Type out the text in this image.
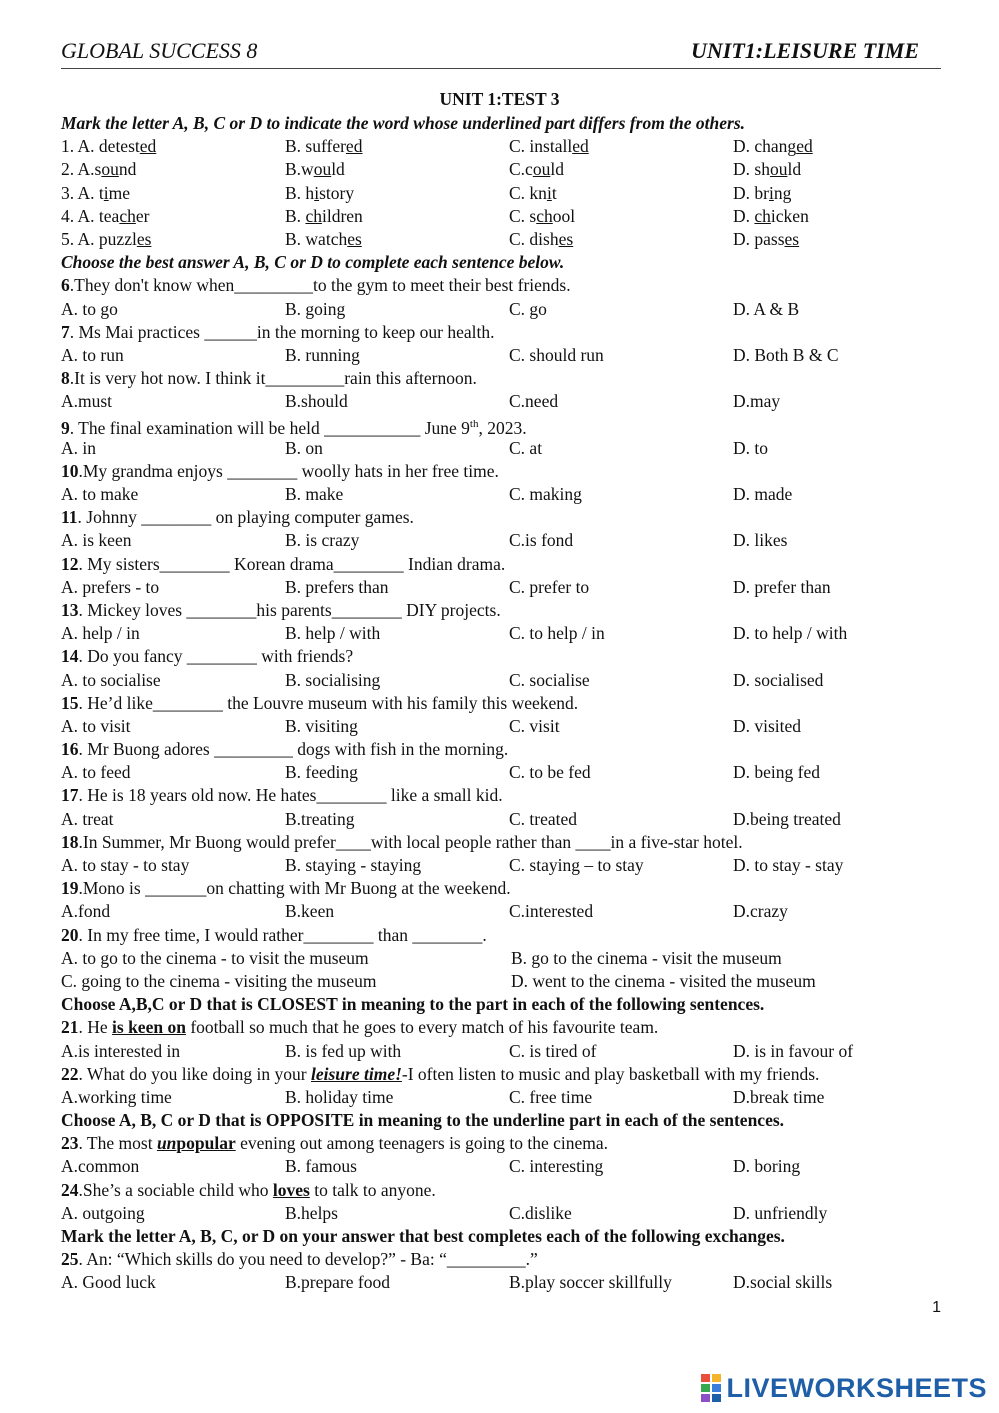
GLOBAL SUCCESS 8	UNIT1:LEISURE TIME
UNIT 1:TEST 3
Mark the letter A, B, C or D to indicate the word whose underlined part differs from the others.
1. A. detested	B. suffered	C. installed	D. changed
2. A.sound	B.would	C.could	D. should
3. A. time	B. history	C. knit	D. bring
4. A. teacher	B. children	C. school	D. chicken
5. A. puzzles	B. watches	C. dishes	D. passes
Choose the best answer A, B, C or D to complete each sentence below.
6.They don't know when_________to the gym to meet their best friends.
A. to go	B. going	C. go	D. A & B
7. Ms Mai practices ______in the morning to keep our health.
A. to run	B. running	C. should run	D. Both B & C
8.It is very hot now. I think it_________rain this afternoon.
A.must	B.should	C.need	D.may
9. The final examination will be held ___________ June 9th, 2023.
A. in	B. on	C. at	D. to
10.My grandma enjoys ________ woolly hats in her free time.
A. to make	B. make	C. making	D. made
11. Johnny ________ on playing computer games.
A. is keen	B. is crazy	C.is fond	D. likes
12. My sisters________ Korean drama________ Indian drama.
A. prefers - to	B. prefers than	C. prefer to	D. prefer than
13. Mickey loves ________his parents________ DIY projects.
A. help / in	B. help / with	C. to help / in	D. to help / with
14. Do you fancy ________ with friends?
A. to socialise	B. socialising	C. socialise	D. socialised
15. He’d like________ the Louvre museum with his family this weekend.
A. to visit	B. visiting	C. visit	D. visited
16. Mr Buong adores _________ dogs with fish in the morning.
A. to feed	B. feeding	C. to be fed	D. being fed
17. He is 18 years old now. He hates________ like a small kid.
A. treat	B.treating	C. treated	D.being treated
18.In Summer, Mr Buong would prefer____with local people rather than ____in a five-star hotel.
A. to stay - to stay	B. staying - staying	C. staying – to stay	D. to stay - stay
19.Mono is _______on chatting with Mr Buong at the weekend.
A.fond	B.keen	C.interested	D.crazy
20. In my free time, I would rather________ than ________.
A. to go to the cinema - to visit the museum	B. go to the cinema - visit the museum
C. going to the cinema - visiting the museum	D. went to the cinema - visited the museum
Choose A,B,C or D that is CLOSEST in meaning to the part in each of the following sentences.
21. He is keen on football so much that he goes to every match of his favourite team.
A.is interested in	B. is fed up with	C. is tired of	D. is in favour of
22. What do you like doing in your leisure time!-I often listen to music and play basketball with my friends.
A.working time	B. holiday time	C. free time	D.break time
Choose A, B, C or D that is OPPOSITE in meaning to the underline part in each of the sentences.
23. The most unpopular evening out among teenagers is going to the cinema.
A.common	B. famous	C. interesting	D. boring
24.She’s a sociable child who loves to talk to anyone.
A. outgoing	B.helps	C.dislike	D. unfriendly
Mark the letter A, B, C, or D on your answer that best completes each of the following exchanges.
25. An: “Which skills do you need to develop?” - Ba: “_________.”
A. Good luck	B.prepare food	B.play soccer skillfully	D.social skills
1
LIVEWORKSHEETS
